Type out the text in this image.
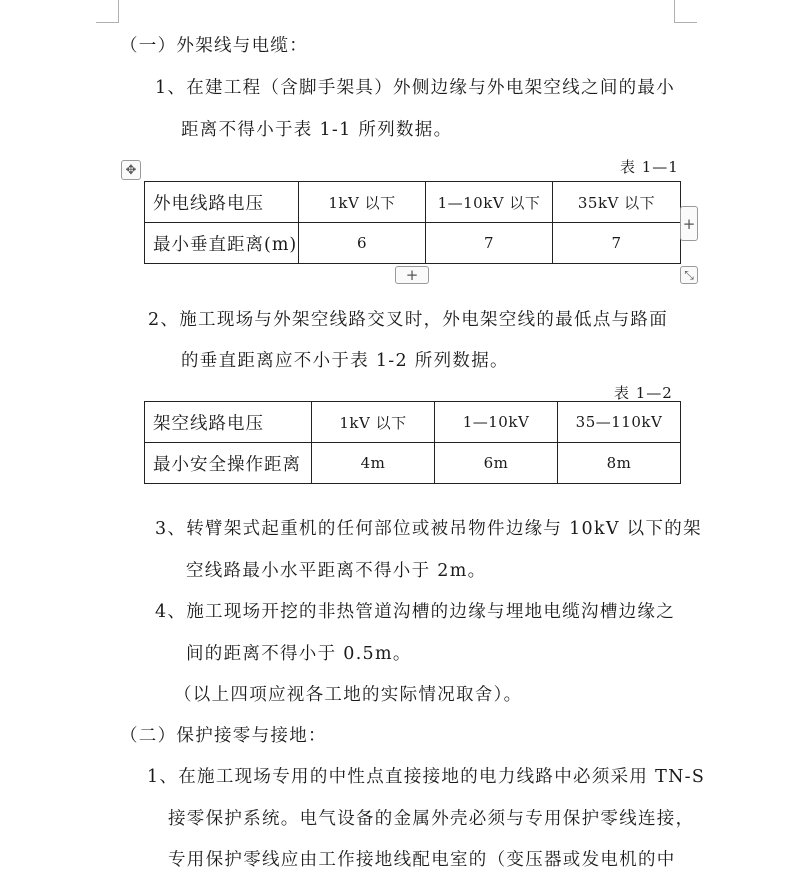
（一）外架线与电缆：
1、在建工程（含脚手架具）外侧边缘与外电架空线之间的最小
距离不得小于表 1-1 所列数据。
表 1—1
✥
外电线路电压	1kV 以下	1—10kV 以下	35kV 以下
最小垂直距离(m)	6	7	7
+
+	⤡
2、施工现场与外架空线路交叉时，外电架空线的最低点与路面
的垂直距离应不小于表 1-2 所列数据。
表 1—2
架空线路电压	1kV 以下	1—10kV	35—110kV
最小安全操作距离	4m	6m	8m
3、转臂架式起重机的任何部位或被吊物件边缘与 10kV 以下的架
空线路最小水平距离不得小于 2m。
4、施工现场开挖的非热管道沟槽的边缘与埋地电缆沟槽边缘之
间的距离不得小于 0.5m。
（以上四项应视各工地的实际情况取舍）。
（二）保护接零与接地：
1、在施工现场专用的中性点直接接地的电力线路中必须采用 TN-S
接零保护系统。电气设备的金属外壳必须与专用保护零线连接，
专用保护零线应由工作接地线配电室的（变压器或发电机的中
